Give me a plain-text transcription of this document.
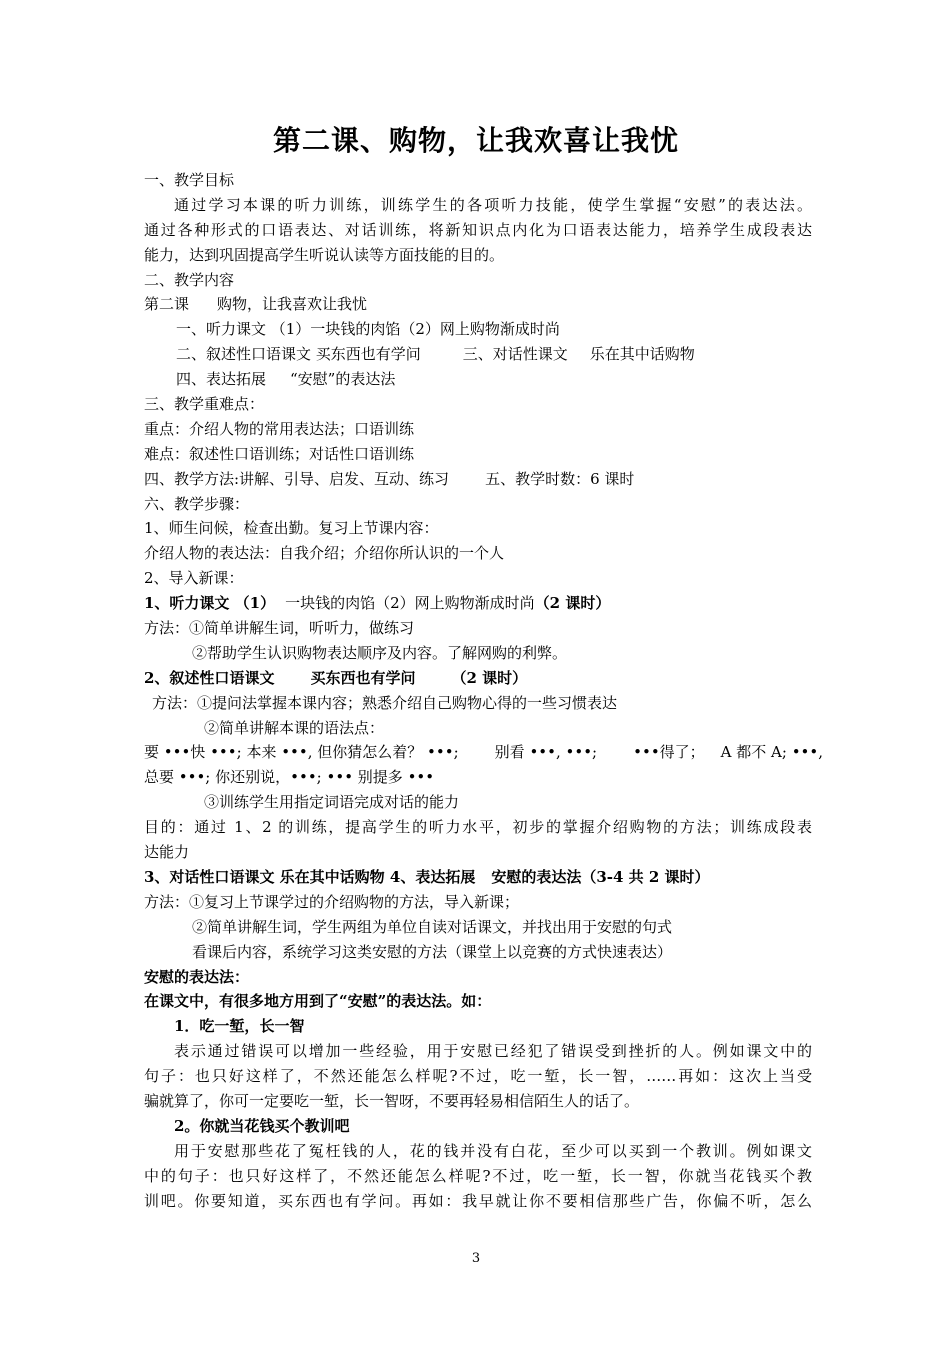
第二课、购物，让我欢喜让我忧
一、教学目标
通过学习本课的听力训练，训练学生的各项听力技能，使学生掌握“安慰”的表达法。
通过各种形式的口语表达、对话训练，将新知识点内化为口语表达能力，培养学生成段表达
能力，达到巩固提高学生听说认读等方面技能的目的。
二、教学内容
第二课 购物，让我喜欢让我忧
一、听力课文 （1）一块钱的肉馅（2）网上购物渐成时尚
二、叙述性口语课文 买东西也有学问	三、对话性课文 乐在其中话购物
四、表达拓展 “安慰”的表达法
三、教学重难点：
重点：介绍人物的常用表达法；口语训练
难点：叙述性口语训练；对话性口语训练
四、教学方法:讲解、引导、启发、互动、练习 五、教学时数：6 课时
六、教学步骤：
1、师生问候，检查出勤。复习上节课内容：
介绍人物的表达法：自我介绍；介绍你所认识的一个人
2、导入新课：
1、听力课文 （1） 一块钱的肉馅（2）网上购物渐成时尚（2 课时）
方法：①简单讲解生词，听听力，做练习
②帮助学生认识购物表达顺序及内容。了解网购的利弊。
2、叙述性口语课文 买东西也有学问 （2 课时）
方法：①提问法掌握本课内容；熟悉介绍自己购物心得的一些习惯表达
②简单讲解本课的语法点：
要 •••快 •••; 本来 •••, 但你猜怎么着？ •••; 别看 •••, •••; •••得了； A 都不 A; •••,
总要 •••; 你还别说，•••; ••• 别提多 •••
③训练学生用指定词语完成对话的能力
目的：通过 1、2 的训练，提高学生的听力水平，初步的掌握介绍购物的方法；训练成段表
达能力
3、对话性口语课文 乐在其中话购物 4、表达拓展 安慰的表达法（3-4 共 2 课时）
方法：①复习上节课学过的介绍购物的方法，导入新课；
②简单讲解生词，学生两组为单位自读对话课文，并找出用于安慰的句式
看课后内容，系统学习这类安慰的方法（课堂上以竞赛的方式快速表达）
安慰的表达法：
在课文中，有很多地方用到了“安慰”的表达法。如：
1．吃一堑，长一智
表示通过错误可以增加一些经验，用于安慰已经犯了错误受到挫折的人。例如课文中的
句子：也只好这样了，不然还能怎么样呢?不过，吃一堑，长一智，……再如：这次上当受
骗就算了，你可一定要吃一堑，长一智呀，不要再轻易相信陌生人的话了。
2。你就当花钱买个教训吧
用于安慰那些花了冤枉钱的人，花的钱并没有白花，至少可以买到一个教训。例如课文
中的句子：也只好这样了，不然还能怎么样呢?不过，吃一堑，长一智，你就当花钱买个教
训吧。你要知道，买东西也有学问。再如：我早就让你不要相信那些广告，你偏不听，怎么
3
